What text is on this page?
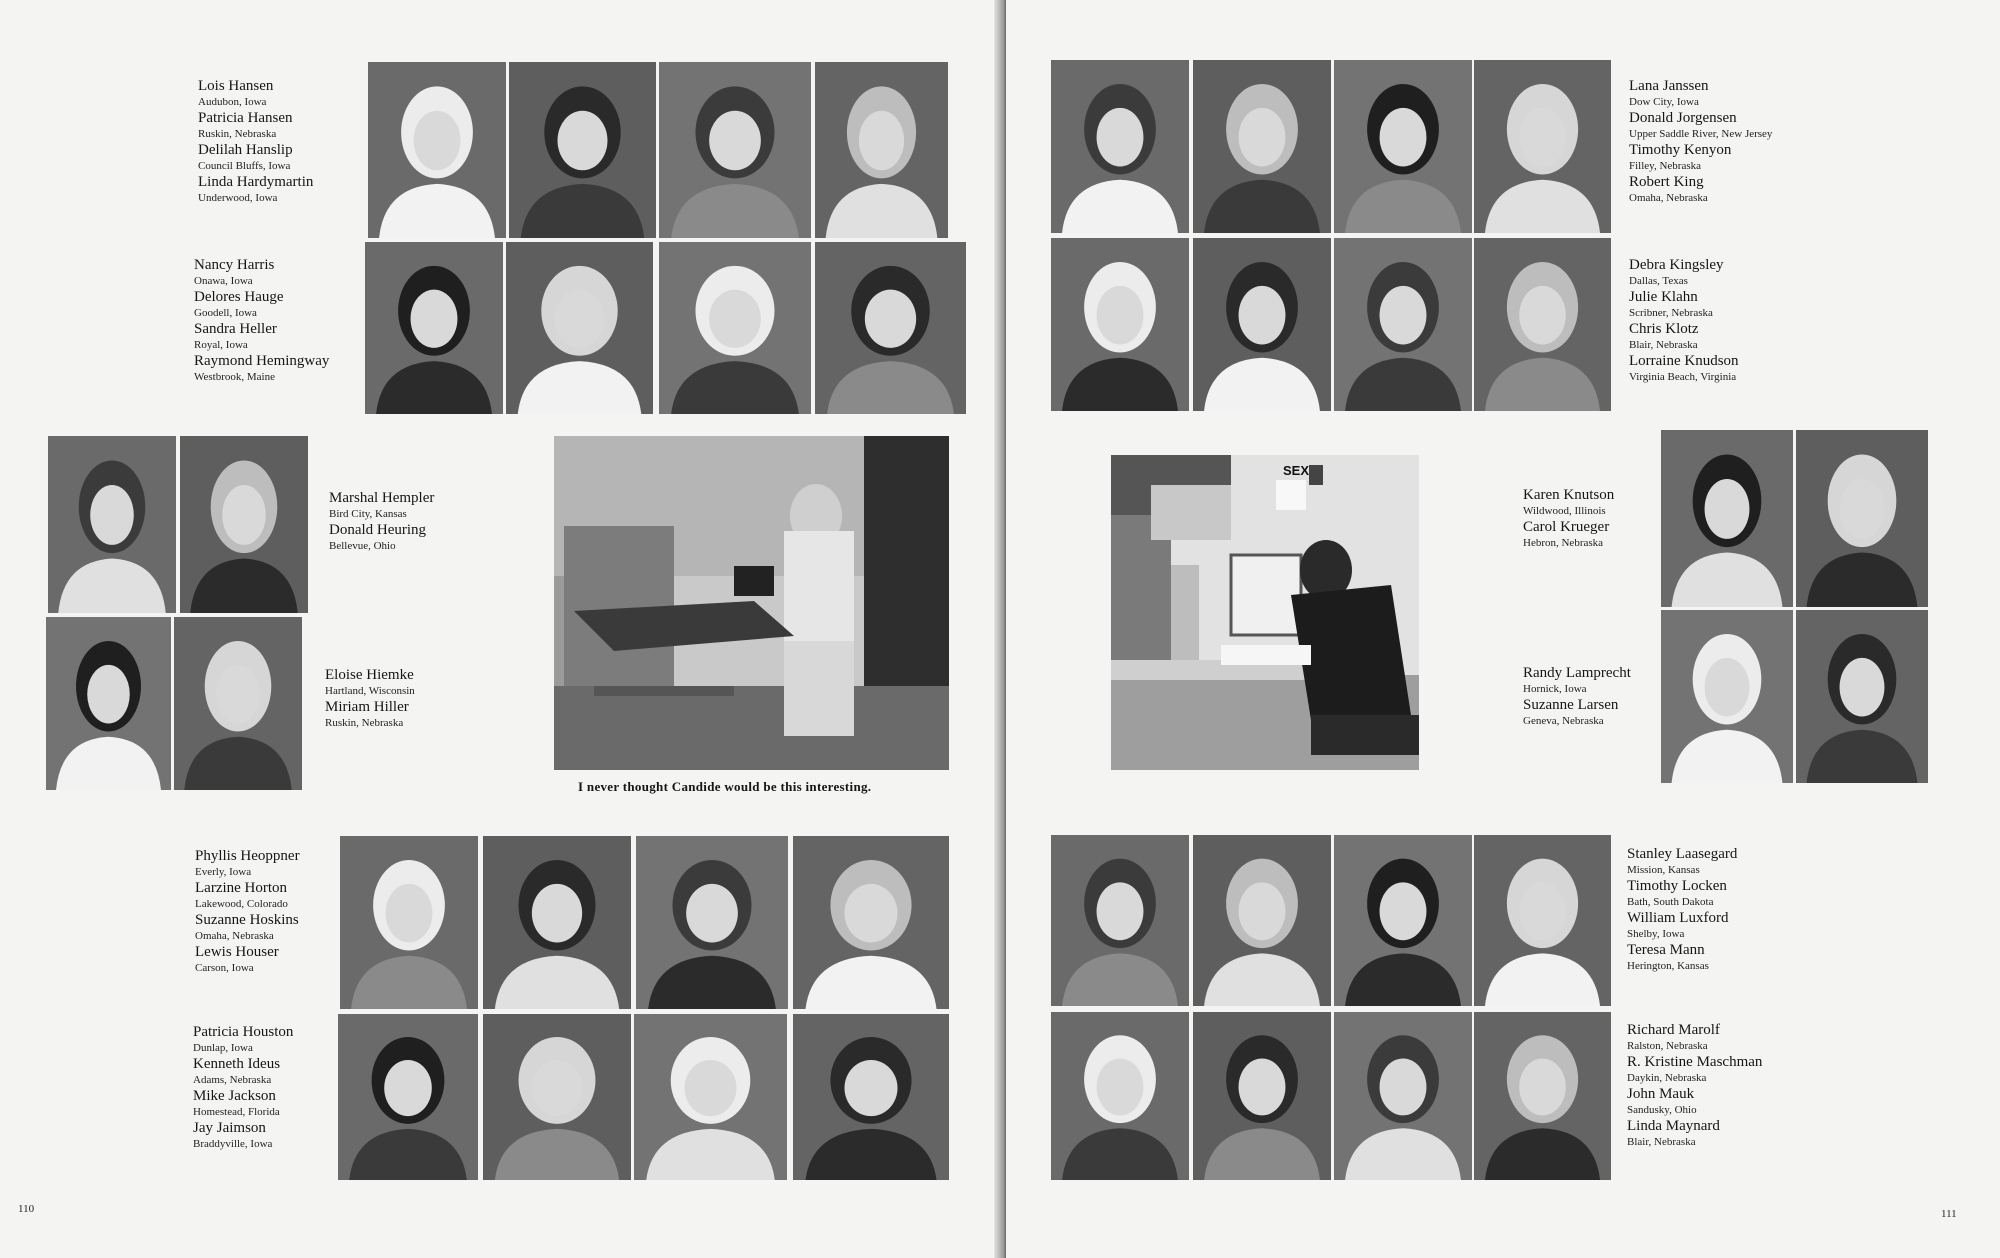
Lois Hansen
Audubon, Iowa
Patricia Hansen
Ruskin, Nebraska
Delilah Hanslip
Council Bluffs, Iowa
Linda Hardymartin
Underwood, Iowa
Nancy Harris
Onawa, Iowa
Delores Hauge
Goodell, Iowa
Sandra Heller
Royal, Iowa
Raymond Hemingway
Westbrook, Maine
Marshal Hempler
Bird City, Kansas
Donald Heuring
Bellevue, Ohio
Eloise Hiemke
Hartland, Wisconsin
Miriam Hiller
Ruskin, Nebraska
Phyllis Heoppner
Everly, Iowa
Larzine Horton
Lakewood, Colorado
Suzanne Hoskins
Omaha, Nebraska
Lewis Houser
Carson, Iowa
Patricia Houston
Dunlap, Iowa
Kenneth Ideus
Adams, Nebraska
Mike Jackson
Homestead, Florida
Jay Jaimson
Braddyville, Iowa
I never thought Candide would be this interesting.
110
Lana Janssen
Dow City, Iowa
Donald Jorgensen
Upper Saddle River, New Jersey
Timothy Kenyon
Filley, Nebraska
Robert King
Omaha, Nebraska
Debra Kingsley
Dallas, Texas
Julie Klahn
Scribner, Nebraska
Chris Klotz
Blair, Nebraska
Lorraine Knudson
Virginia Beach, Virginia
Karen Knutson
Wildwood, Illinois
Carol Krueger
Hebron, Nebraska
Randy Lamprecht
Hornick, Iowa
Suzanne Larsen
Geneva, Nebraska
Stanley Laasegard
Mission, Kansas
Timothy Locken
Bath, South Dakota
William Luxford
Shelby, Iowa
Teresa Mann
Herington, Kansas
Richard Marolf
Ralston, Nebraska
R. Kristine Maschman
Daykin, Nebraska
John Mauk
Sandusky, Ohio
Linda Maynard
Blair, Nebraska
SEX
111
